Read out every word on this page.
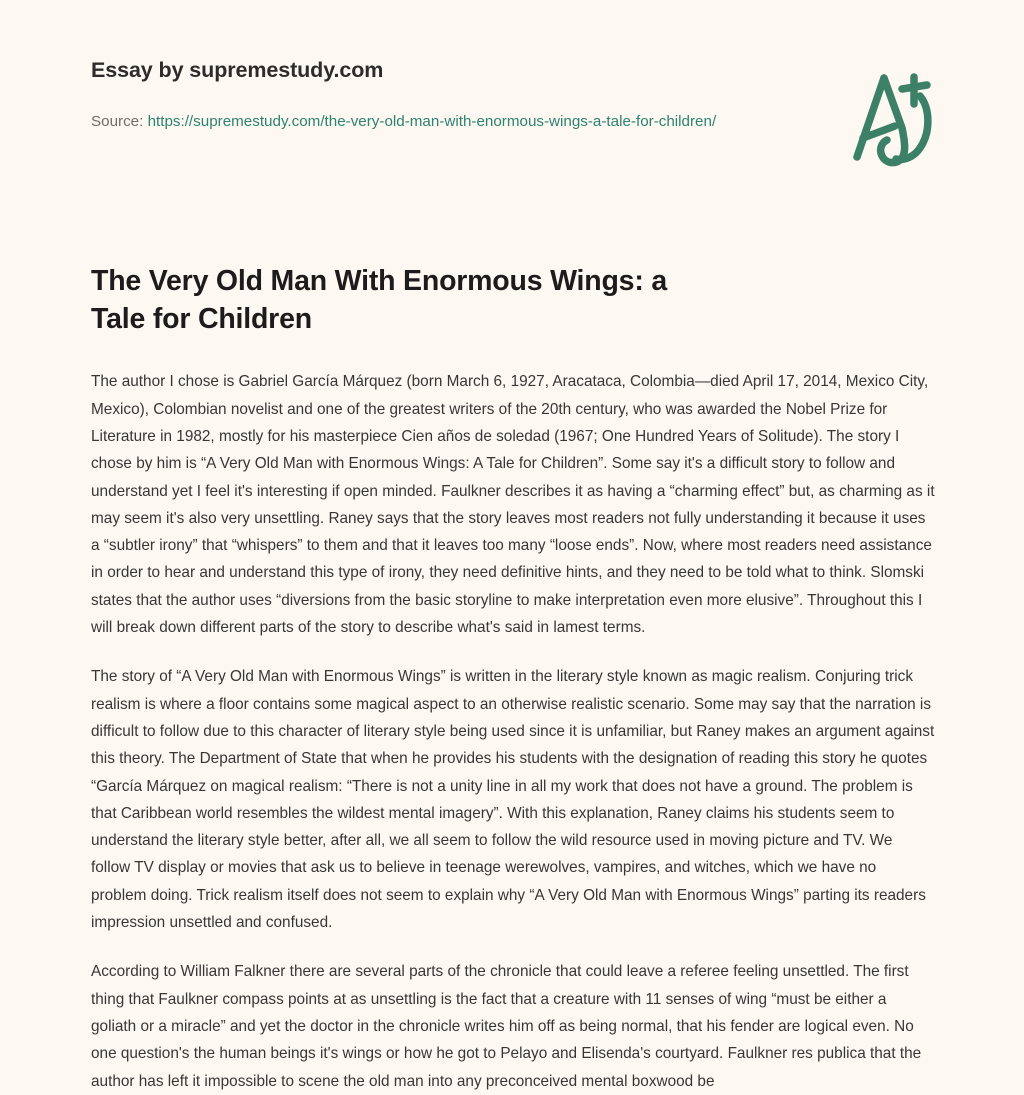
Essay by supremestudy.com
Source: https://supremestudy.com/the-very-old-man-with-enormous-wings-a-tale-for-children/
The Very Old Man With Enormous Wings: a Tale for Children

The author I chose is Gabriel García Márquez (born March 6, 1927, Aracataca, Colombia—died April 17, 2014, Mexico City, Mexico), Colombian novelist and one of the greatest writers of the 20th century, who was awarded the Nobel Prize for Literature in 1982, mostly for his masterpiece Cien años de soledad (1967; One Hundred Years of Solitude). The story I chose by him is “A Very Old Man with Enormous Wings: A Tale for Children”. Some say it's a difficult story to follow and understand yet I feel it's interesting if open minded. Faulkner describes it as having a “charming effect” but, as charming as it may seem it's also very unsettling. Raney says that the story leaves most readers not fully understanding it because it uses a “subtler irony” that “whispers” to them and that it leaves too many “loose ends”. Now, where most readers need assistance in order to hear and understand this type of irony, they need definitive hints, and they need to be told what to think. Slomski states that the author uses “diversions from the basic storyline to make interpretation even more elusive”. Throughout this I will break down different parts of the story to describe what's said in lamest terms.

The story of “A Very Old Man with Enormous Wings” is written in the literary style known as magic realism. Conjuring trick realism is where a floor contains some magical aspect to an otherwise realistic scenario. Some may say that the narration is difficult to follow due to this character of literary style being used since it is unfamiliar, but Raney makes an argument against this theory. The Department of State that when he provides his students with the designation of reading this story he quotes “García Márquez on magical realism: “There is not a unity line in all my work that does not have a ground. The problem is that Caribbean world resembles the wildest mental imagery”. With this explanation, Raney claims his students seem to understand the literary style better, after all, we all seem to follow the wild resource used in moving picture and TV. We follow TV display or movies that ask us to believe in teenage werewolves, vampires, and witches, which we have no problem doing. Trick realism itself does not seem to explain why “A Very Old Man with Enormous Wings” parting its readers impression unsettled and confused.

According to William Falkner there are several parts of the chronicle that could leave a referee feeling unsettled. The first thing that Faulkner compass points at as unsettling is the fact that a creature with 11 senses of wing “must be either a goliath or a miracle” and yet the doctor in the chronicle writes him off as being normal, that his fender are logical even. No one question's the human beings it's wings or how he got to Pelayo and Elisenda's courtyard. Faulkner res publica that the author has left it impossible to scene the old man into any preconceived mental boxwood be
